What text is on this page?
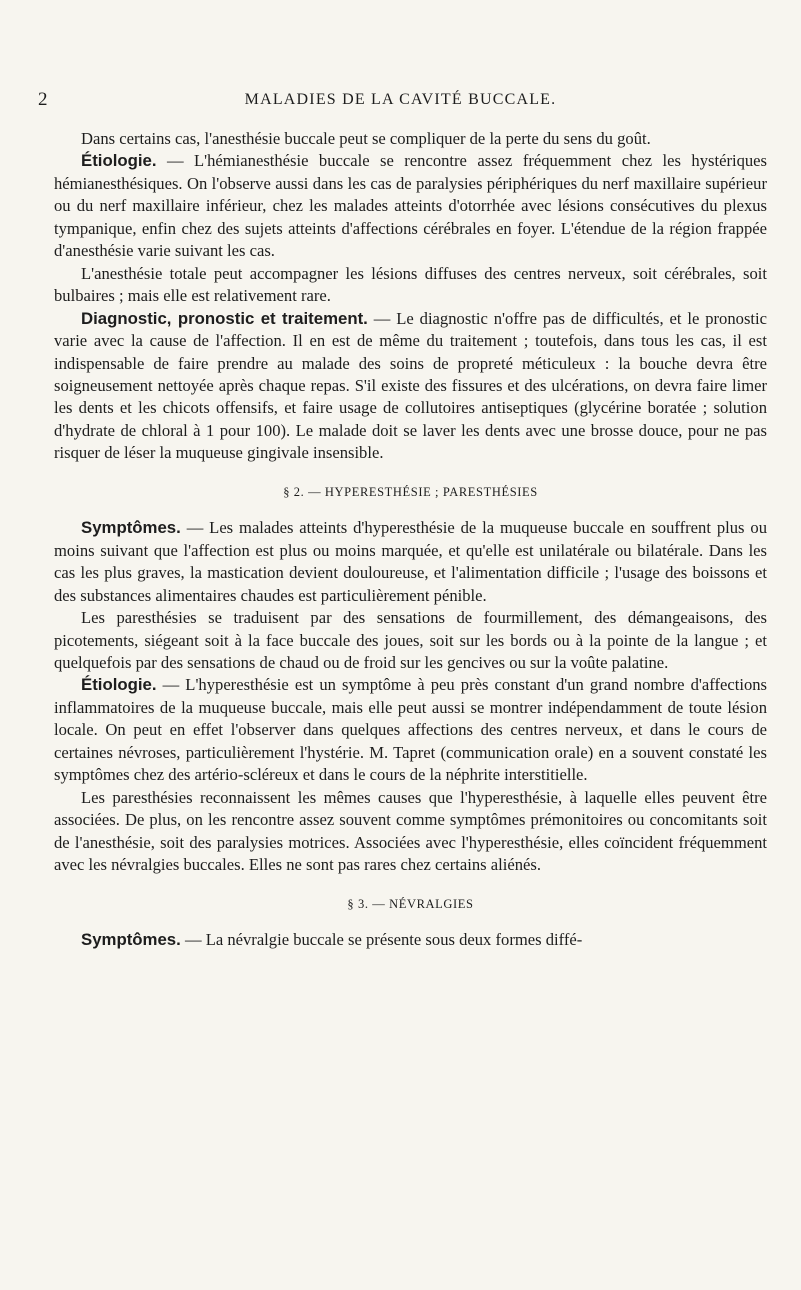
2	MALADIES DE LA CAVITÉ BUCCALE.

Dans certains cas, l'anesthésie buccale peut se compliquer de la perte du sens du goût.

Étiologie. — L'hémianesthésie buccale se rencontre assez fréquemment chez les hystériques hémianesthésiques. On l'observe aussi dans les cas de paralysies périphériques du nerf maxillaire supérieur ou du nerf maxillaire inférieur, chez les malades atteints d'otorrhée avec lésions consécutives du plexus tympanique, enfin chez des sujets atteints d'affections cérébrales en foyer. L'étendue de la région frappée d'anesthésie varie suivant les cas.

L'anesthésie totale peut accompagner les lésions diffuses des centres nerveux, soit cérébrales, soit bulbaires ; mais elle est relativement rare.

Diagnostic, pronostic et traitement. — Le diagnostic n'offre pas de difficultés, et le pronostic varie avec la cause de l'affection. Il en est de même du traitement ; toutefois, dans tous les cas, il est indispensable de faire prendre au malade des soins de propreté méticuleux : la bouche devra être soigneusement nettoyée après chaque repas. S'il existe des fissures et des ulcérations, on devra faire limer les dents et les chicots offensifs, et faire usage de collutoires antiseptiques (glycérine boratée ; solution d'hydrate de chloral à 1 pour 100). Le malade doit se laver les dents avec une brosse douce, pour ne pas risquer de léser la muqueuse gingivale insensible.

§ 2. — HYPERESTHÉSIE ; PARESTHÉSIES

Symptômes. — Les malades atteints d'hyperesthésie de la muqueuse buccale en souffrent plus ou moins suivant que l'affection est plus ou moins marquée, et qu'elle est unilatérale ou bilatérale. Dans les cas les plus graves, la mastication devient douloureuse, et l'alimentation difficile ; l'usage des boissons et des substances alimentaires chaudes est particulièrement pénible.

Les paresthésies se traduisent par des sensations de fourmillement, des démangeaisons, des picotements, siégeant soit à la face buccale des joues, soit sur les bords ou à la pointe de la langue ; et quelquefois par des sensations de chaud ou de froid sur les gencives ou sur la voûte palatine.

Étiologie. — L'hyperesthésie est un symptôme à peu près constant d'un grand nombre d'affections inflammatoires de la muqueuse buccale, mais elle peut aussi se montrer indépendamment de toute lésion locale. On peut en effet l'observer dans quelques affections des centres nerveux, et dans le cours de certaines névroses, particulièrement l'hystérie. M. Tapret (communication orale) en a souvent constaté les symptômes chez des artério-scléreux et dans le cours de la néphrite interstitielle.

Les paresthésies reconnaissent les mêmes causes que l'hyperesthésie, à laquelle elles peuvent être associées. De plus, on les rencontre assez souvent comme symptômes prémonitoires ou concomitants soit de l'anesthésie, soit des paralysies motrices. Associées avec l'hyperesthésie, elles coïncident fréquemment avec les névralgies buccales. Elles ne sont pas rares chez certains aliénés.

§ 3. — NÉVRALGIES

Symptômes. — La névralgie buccale se présente sous deux formes diffé-
